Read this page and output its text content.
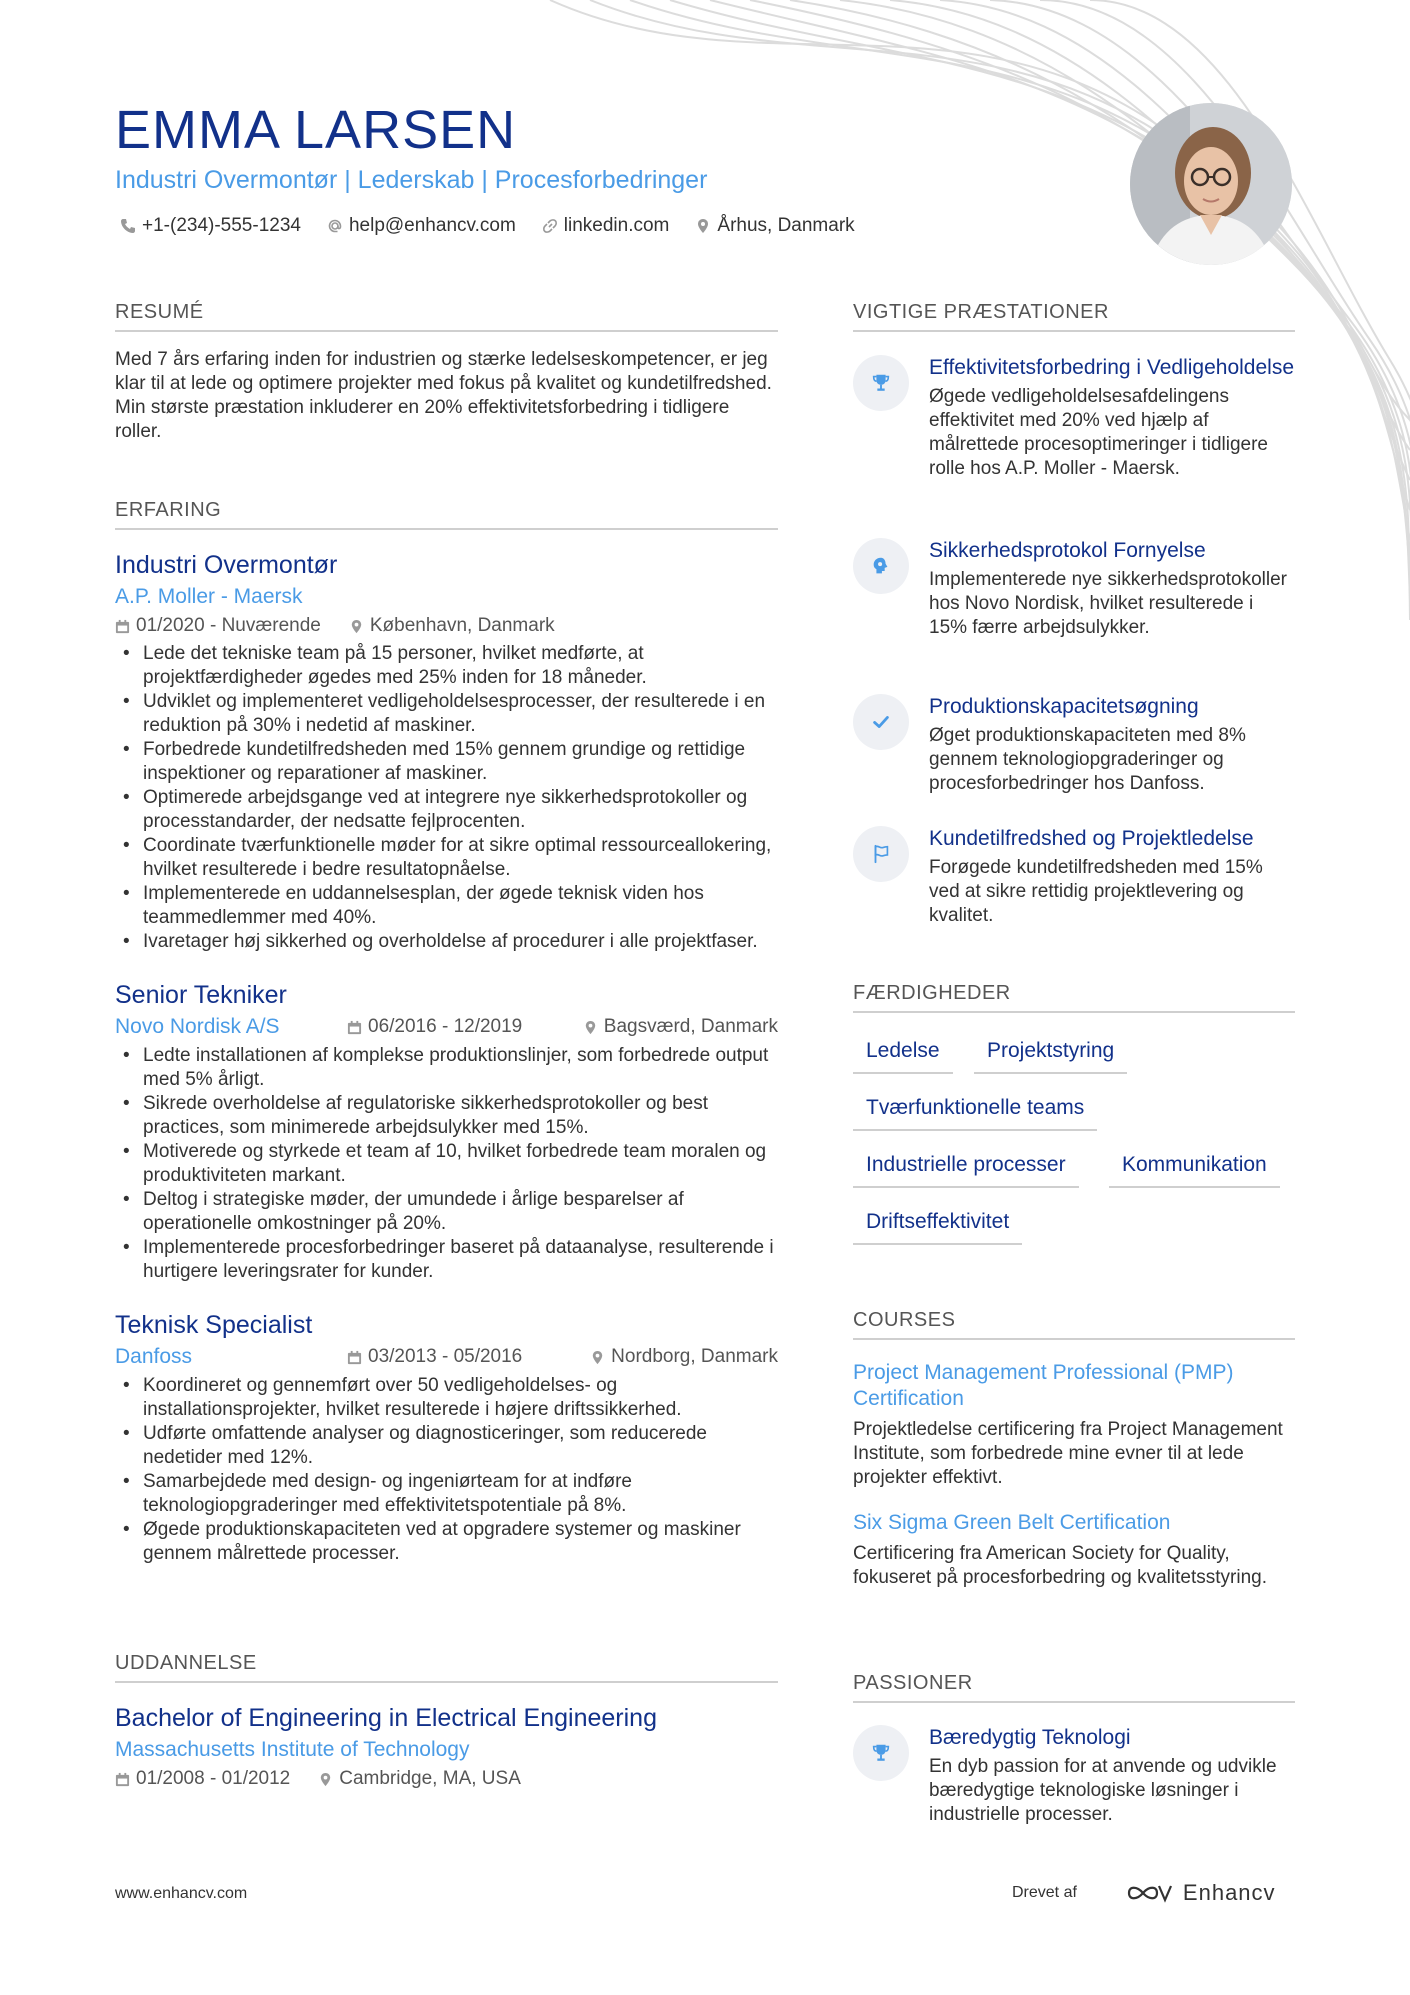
EMMA LARSEN
Industri Overmontør | Lederskab | Procesforbedringer
+1-(234)-555-1234	help@enhancv.com	linkedin.com	Århus, Danmark
RESUMÉ

Med 7 års erfaring inden for industrien og stærke ledelseskompetencer, er jeg klar til at lede og optimere projekter med fokus på kvalitet og kundetilfredshed. Min største præstation inkluderer en 20% effektivitetsforbedring i tidligere roller.

ERFARING
Industri Overmontør
A.P. Moller - Maersk
01/2020 - Nuværende	København, Danmark
• Lede det tekniske team på 15 personer, hvilket medførte, at projektfærdigheder øgedes med 25% inden for 18 måneder.
• Udviklet og implementeret vedligeholdelsesprocesser, der resulterede i en reduktion på 30% i nedetid af maskiner.
• Forbedrede kundetilfredsheden med 15% gennem grundige og rettidige inspektioner og reparationer af maskiner.
• Optimerede arbejdsgange ved at integrere nye sikkerhedsprotokoller og processtandarder, der nedsatte fejlprocenten.
• Coordinate tværfunktionelle møder for at sikre optimal ressourceallokering, hvilket resulterede i bedre resultatopnåelse.
• Implementerede en uddannelsesplan, der øgede teknisk viden hos teammedlemmer med 40%.
• Ivaretager høj sikkerhed og overholdelse af procedurer i alle projektfaser.
Senior Tekniker
Novo Nordisk A/S	06/2016 - 12/2019	Bagsværd, Danmark
• Ledte installationen af komplekse produktionslinjer, som forbedrede output med 5% årligt.
• Sikrede overholdelse af regulatoriske sikkerhedsprotokoller og best practices, som minimerede arbejdsulykker med 15%.
• Motiverede og styrkede et team af 10, hvilket forbedrede team moralen og produktiviteten markant.
• Deltog i strategiske møder, der umundede i årlige besparelser af operationelle omkostninger på 20%.
• Implementerede procesforbedringer baseret på dataanalyse, resulterende i hurtigere leveringsrater for kunder.
Teknisk Specialist
Danfoss	03/2013 - 05/2016	Nordborg, Danmark
• Koordineret og gennemført over 50 vedligeholdelses- og installationsprojekter, hvilket resulterede i højere driftssikkerhed.
• Udførte omfattende analyser og diagnosticeringer, som reducerede nedetider med 12%.
• Samarbejdede med design- og ingeniørteam for at indføre teknologiopgraderinger med effektivitetspotentiale på 8%.
• Øgede produktionskapaciteten ved at opgradere systemer og maskiner gennem målrettede processer.
UDDANNELSE
Bachelor of Engineering in Electrical Engineering
Massachusetts Institute of Technology
01/2008 - 01/2012	Cambridge, MA, USA
VIGTIGE PRÆSTATIONER
Effektivitetsforbedring i Vedligeholdelse
Øgede vedligeholdelsesafdelingens effektivitet med 20% ved hjælp af målrettede procesoptimeringer i tidligere rolle hos A.P. Moller - Maersk.
Sikkerhedsprotokol Fornyelse
Implementerede nye sikkerhedsprotokoller hos Novo Nordisk, hvilket resulterede i 15% færre arbejdsulykker.
Produktionskapacitetsøgning
Øget produktionskapaciteten med 8% gennem teknologiopgraderinger og procesforbedringer hos Danfoss.
Kundetilfredshed og Projektledelse
Forøgede kundetilfredsheden med 15% ved at sikre rettidig projektlevering og kvalitet.
FÆRDIGHEDER
Ledelse	Projektstyring
Tværfunktionelle teams
Industrielle processer	Kommunikation
Driftseffektivitet
COURSES
Project Management Professional (PMP) Certification
Projektledelse certificering fra Project Management Institute, som forbedrede mine evner til at lede projekter effektivt.
Six Sigma Green Belt Certification
Certificering fra American Society for Quality, fokuseret på procesforbedring og kvalitetsstyring.
PASSIONER
Bæredygtig Teknologi
En dyb passion for at anvende og udvikle bæredygtige teknologiske løsninger i industrielle processer.
www.enhancv.com	Drevet af	Enhancv
